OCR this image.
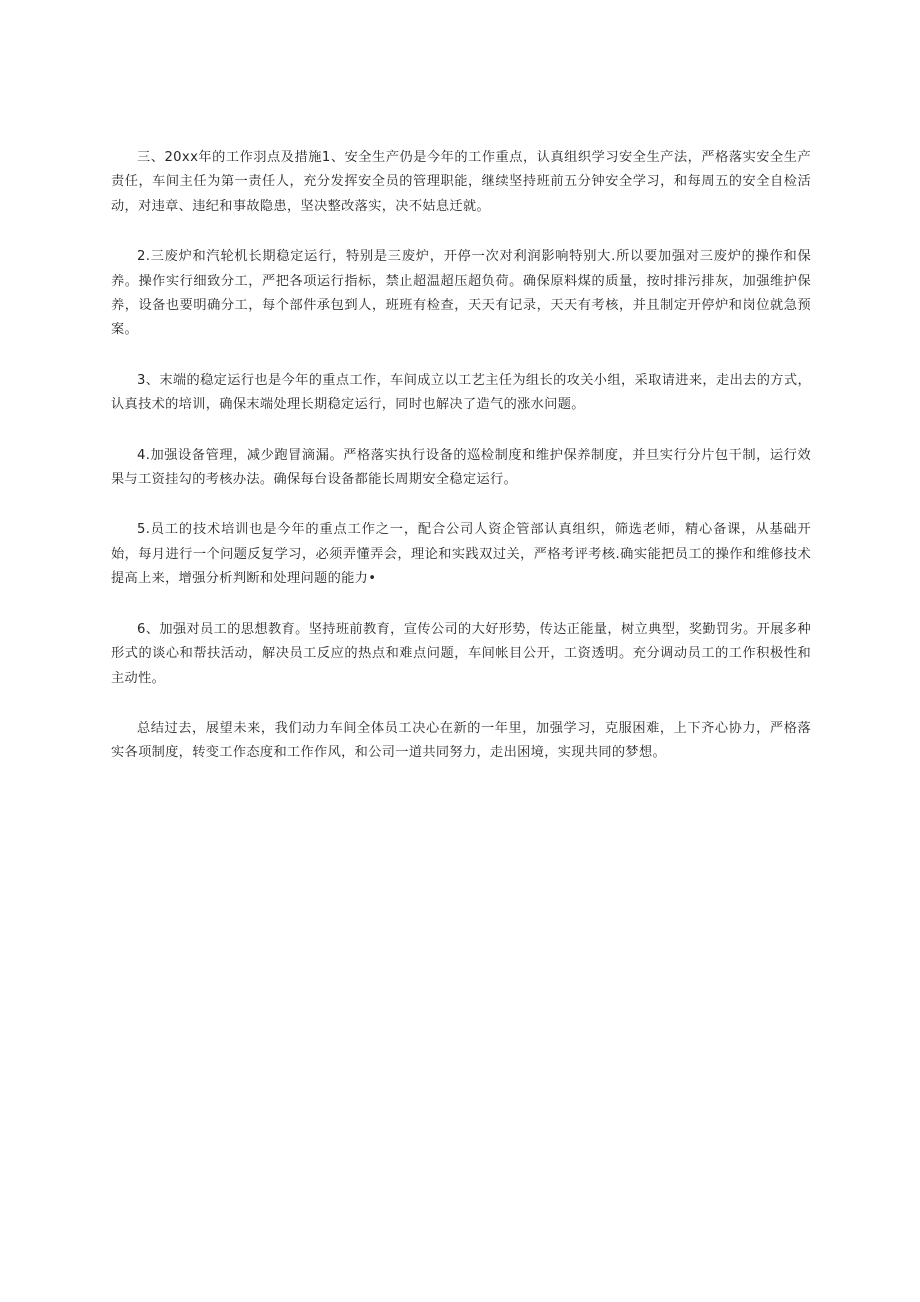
三、20xx年的工作羽点及措施1、安全生产仍是今年的工作重点，认真组织学习安全生产法，严格落实安全生产责任，车间主任为第一责任人，充分发挥安全员的管理职能，继续坚持班前五分钟安全学习，和每周五的安全自检活动，对违章、违纪和事故隐患，坚决整改落实，决不姑息迁就。

2.三废炉和汽轮机长期稳定运行，特别是三废炉，开停一次对利润影响特别大.所以要加强对三废炉的操作和保养。操作实行细致分工，严把各项运行指标，禁止超温超压超负荷。确保原料煤的质量，按时排污排灰，加强维护保养，设备也要明确分工，每个部件承包到人，班班有检查，天天有记录，天天有考核，并且制定开停炉和岗位就急预案。

3、末端的稳定运行也是今年的重点工作，车间成立以工艺主任为组长的攻关小组，采取请进来，走出去的方式，认真技术的培训，确保末端处理长期稳定运行，同时也解决了造气的涨水问题。

4.加强设备管理，减少跑冒滴漏。严格落实执行设备的巡检制度和维护保养制度，并旦实行分片包干制，运行效果与工资挂勾的考核办法。确保每台设备都能长周期安全稳定运行。

5.员工的技术培训也是今年的重点工作之一，配合公司人资企管部认真组织，筛选老师，精心备课，从基础开始，每月进行一个问题反复学习，必须弄懂弄会，理论和实践双过关，严格考评考核.确实能把员工的操作和维修技术提高上来，增强分析判断和处理问题的能力•

6、加强对员工的思想教育。坚持班前教育，宣传公司的大好形势，传达正能量，树立典型，奖勤罚劣。开展多种形式的谈心和帮扶活动，解决员工反应的热点和难点问题，车间帐目公开，工资透明。充分调动员工的工作积极性和主动性。

总结过去，展望未来，我们动力车间全体员工决心在新的一年里，加强学习，克服困难，上下齐心协力，严格落实各项制度，转变工作态度和工作作风，和公司一道共同努力，走出困境，实现共同的梦想。
